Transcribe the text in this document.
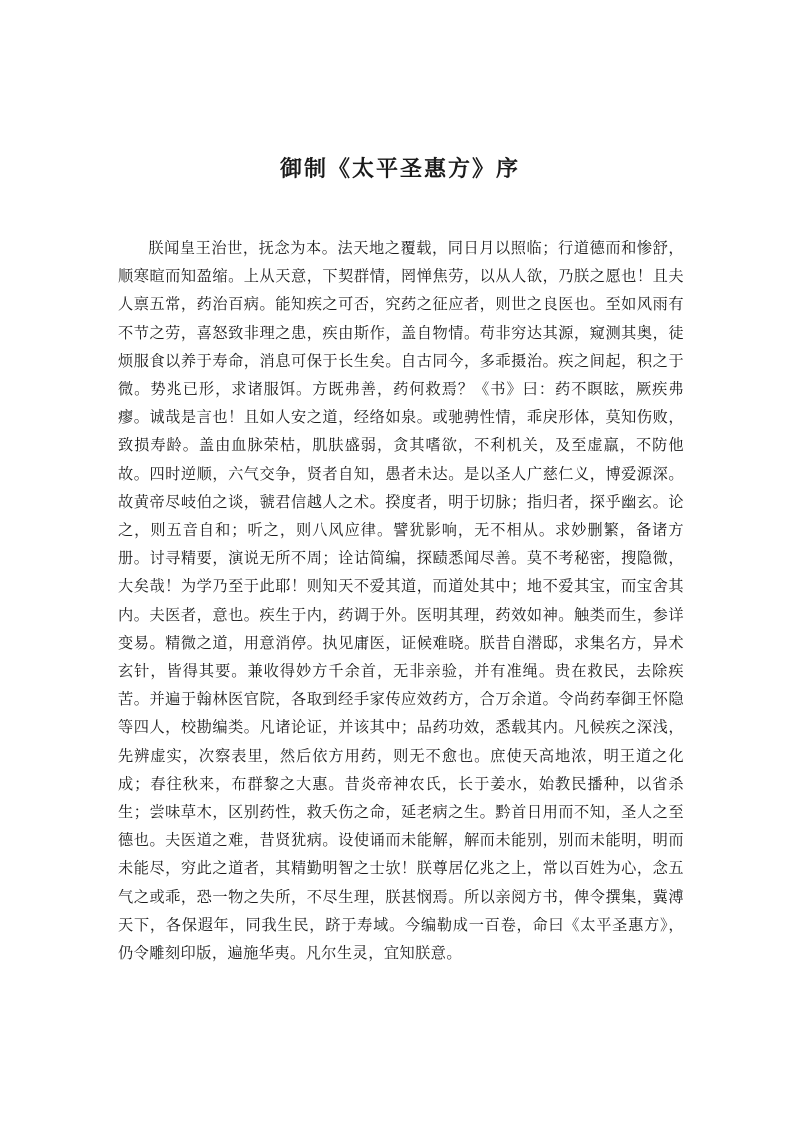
御制《太平圣惠方》序

朕闻皇王治世，抚念为本。法天地之覆载，同日月以照临；行道德而和惨舒，顺寒暄而知盈缩。上从天意，下契群情，罔惮焦劳，以从人欲，乃朕之愿也！且夫人禀五常，药治百病。能知疾之可否，究药之征应者，则世之良医也。至如风雨有不节之劳，喜怒致非理之患，疾由斯作，盖自物情。苟非穷达其源，窥测其奥，徒烦服食以养于寿命，消息可保于长生矣。自古同今，多乖摄治。疾之间起，积之于微。势兆已形，求诸服饵。方既弗善，药何救焉？《书》曰：药不瞑眩，厥疾弗瘳。诚哉是言也！且如人安之道，经络如泉。或驰骋性情，乖戾形体，莫知伤败，致损寿龄。盖由血脉荣枯，肌肤盛弱，贪其嗜欲，不利机关，及至虚羸，不防他故。四时逆顺，六气交争，贤者自知，愚者未达。是以圣人广慈仁义，博爱源深。故黄帝尽岐伯之谈，虢君信越人之术。揆度者，明于切脉；指归者，探乎幽玄。论之，则五音自和；听之，则八风应律。譬犹影响，无不相从。求妙删繁，备诸方册。讨寻精要，演说无所不周；诠诂简编，探赜悉闻尽善。莫不考秘密，搜隐微，大矣哉！为学乃至于此耶！则知天不爱其道，而道处其中；地不爱其宝，而宝舍其内。夫医者，意也。疾生于内，药调于外。医明其理，药效如神。触类而生，参详变易。精微之道，用意消停。执见庸医，证候难晓。朕昔自潜邸，求集名方，异术玄针，皆得其要。兼收得妙方千余首，无非亲验，并有准绳。贵在救民，去除疾苦。并遍于翰林医官院，各取到经手家传应效药方，合万余道。令尚药奉御王怀隐等四人，校勘编类。凡诸论证，并该其中；品药功效，悉载其内。凡候疾之深浅，先辨虚实，次察表里，然后依方用药，则无不愈也。庶使天高地浓，明王道之化成；春往秋来，布群黎之大惠。昔炎帝神农氏，长于姜水，始教民播种，以省杀生；尝味草木，区别药性，救夭伤之命，延老病之生。黔首日用而不知，圣人之至德也。夫医道之难，昔贤犹病。设使诵而未能解，解而未能别，别而未能明，明而未能尽，穷此之道者，其精勤明智之士欤！朕尊居亿兆之上，常以百姓为心，念五气之或乖，恐一物之失所，不尽生理，朕甚悯焉。所以亲阅方书，俾令撰集，冀溥天下，各保遐年，同我生民，跻于寿域。今编勒成一百卷，命曰《太平圣惠方》，仍令雕刻印版，遍施华夷。凡尔生灵，宜知朕意。
